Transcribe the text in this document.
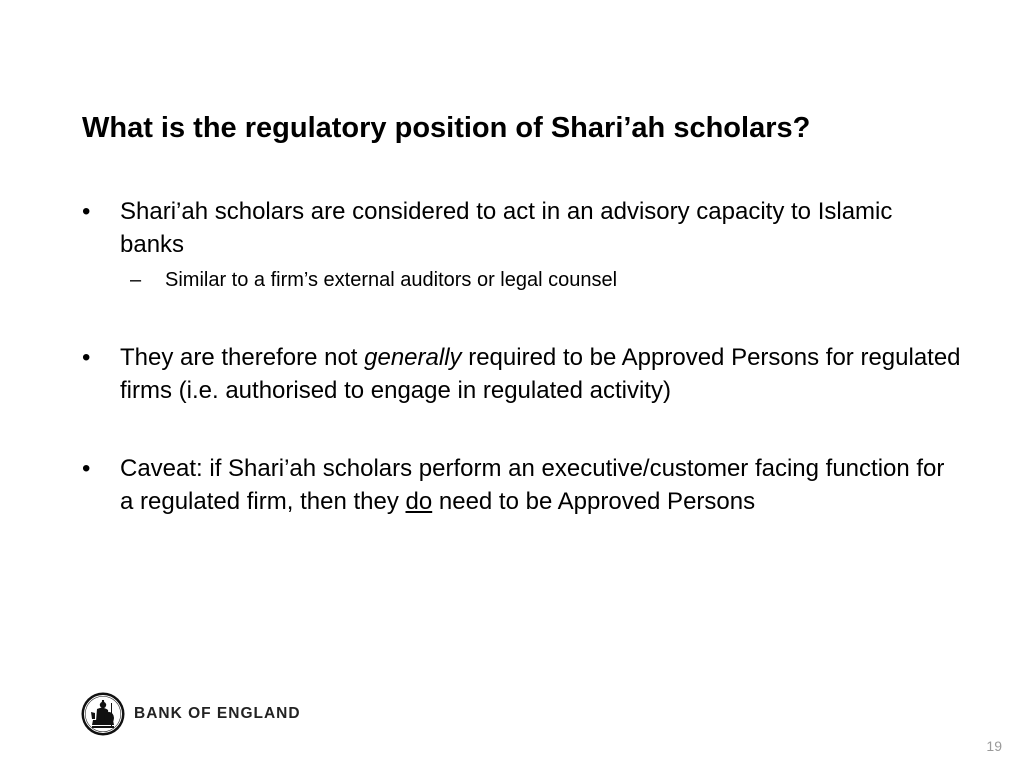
What is the regulatory position of Shari’ah scholars?
•	Shari’ah scholars are considered to act in an advisory capacity to Islamic banks
– Similar to a firm’s external auditors or legal counsel
•	They are therefore not generally required to be Approved Persons for regulated firms (i.e. authorised to engage in regulated activity)
•	Caveat: if Shari’ah scholars perform an executive/customer facing function for a regulated firm, then they do need to be Approved Persons
BANK OF ENGLAND
19
